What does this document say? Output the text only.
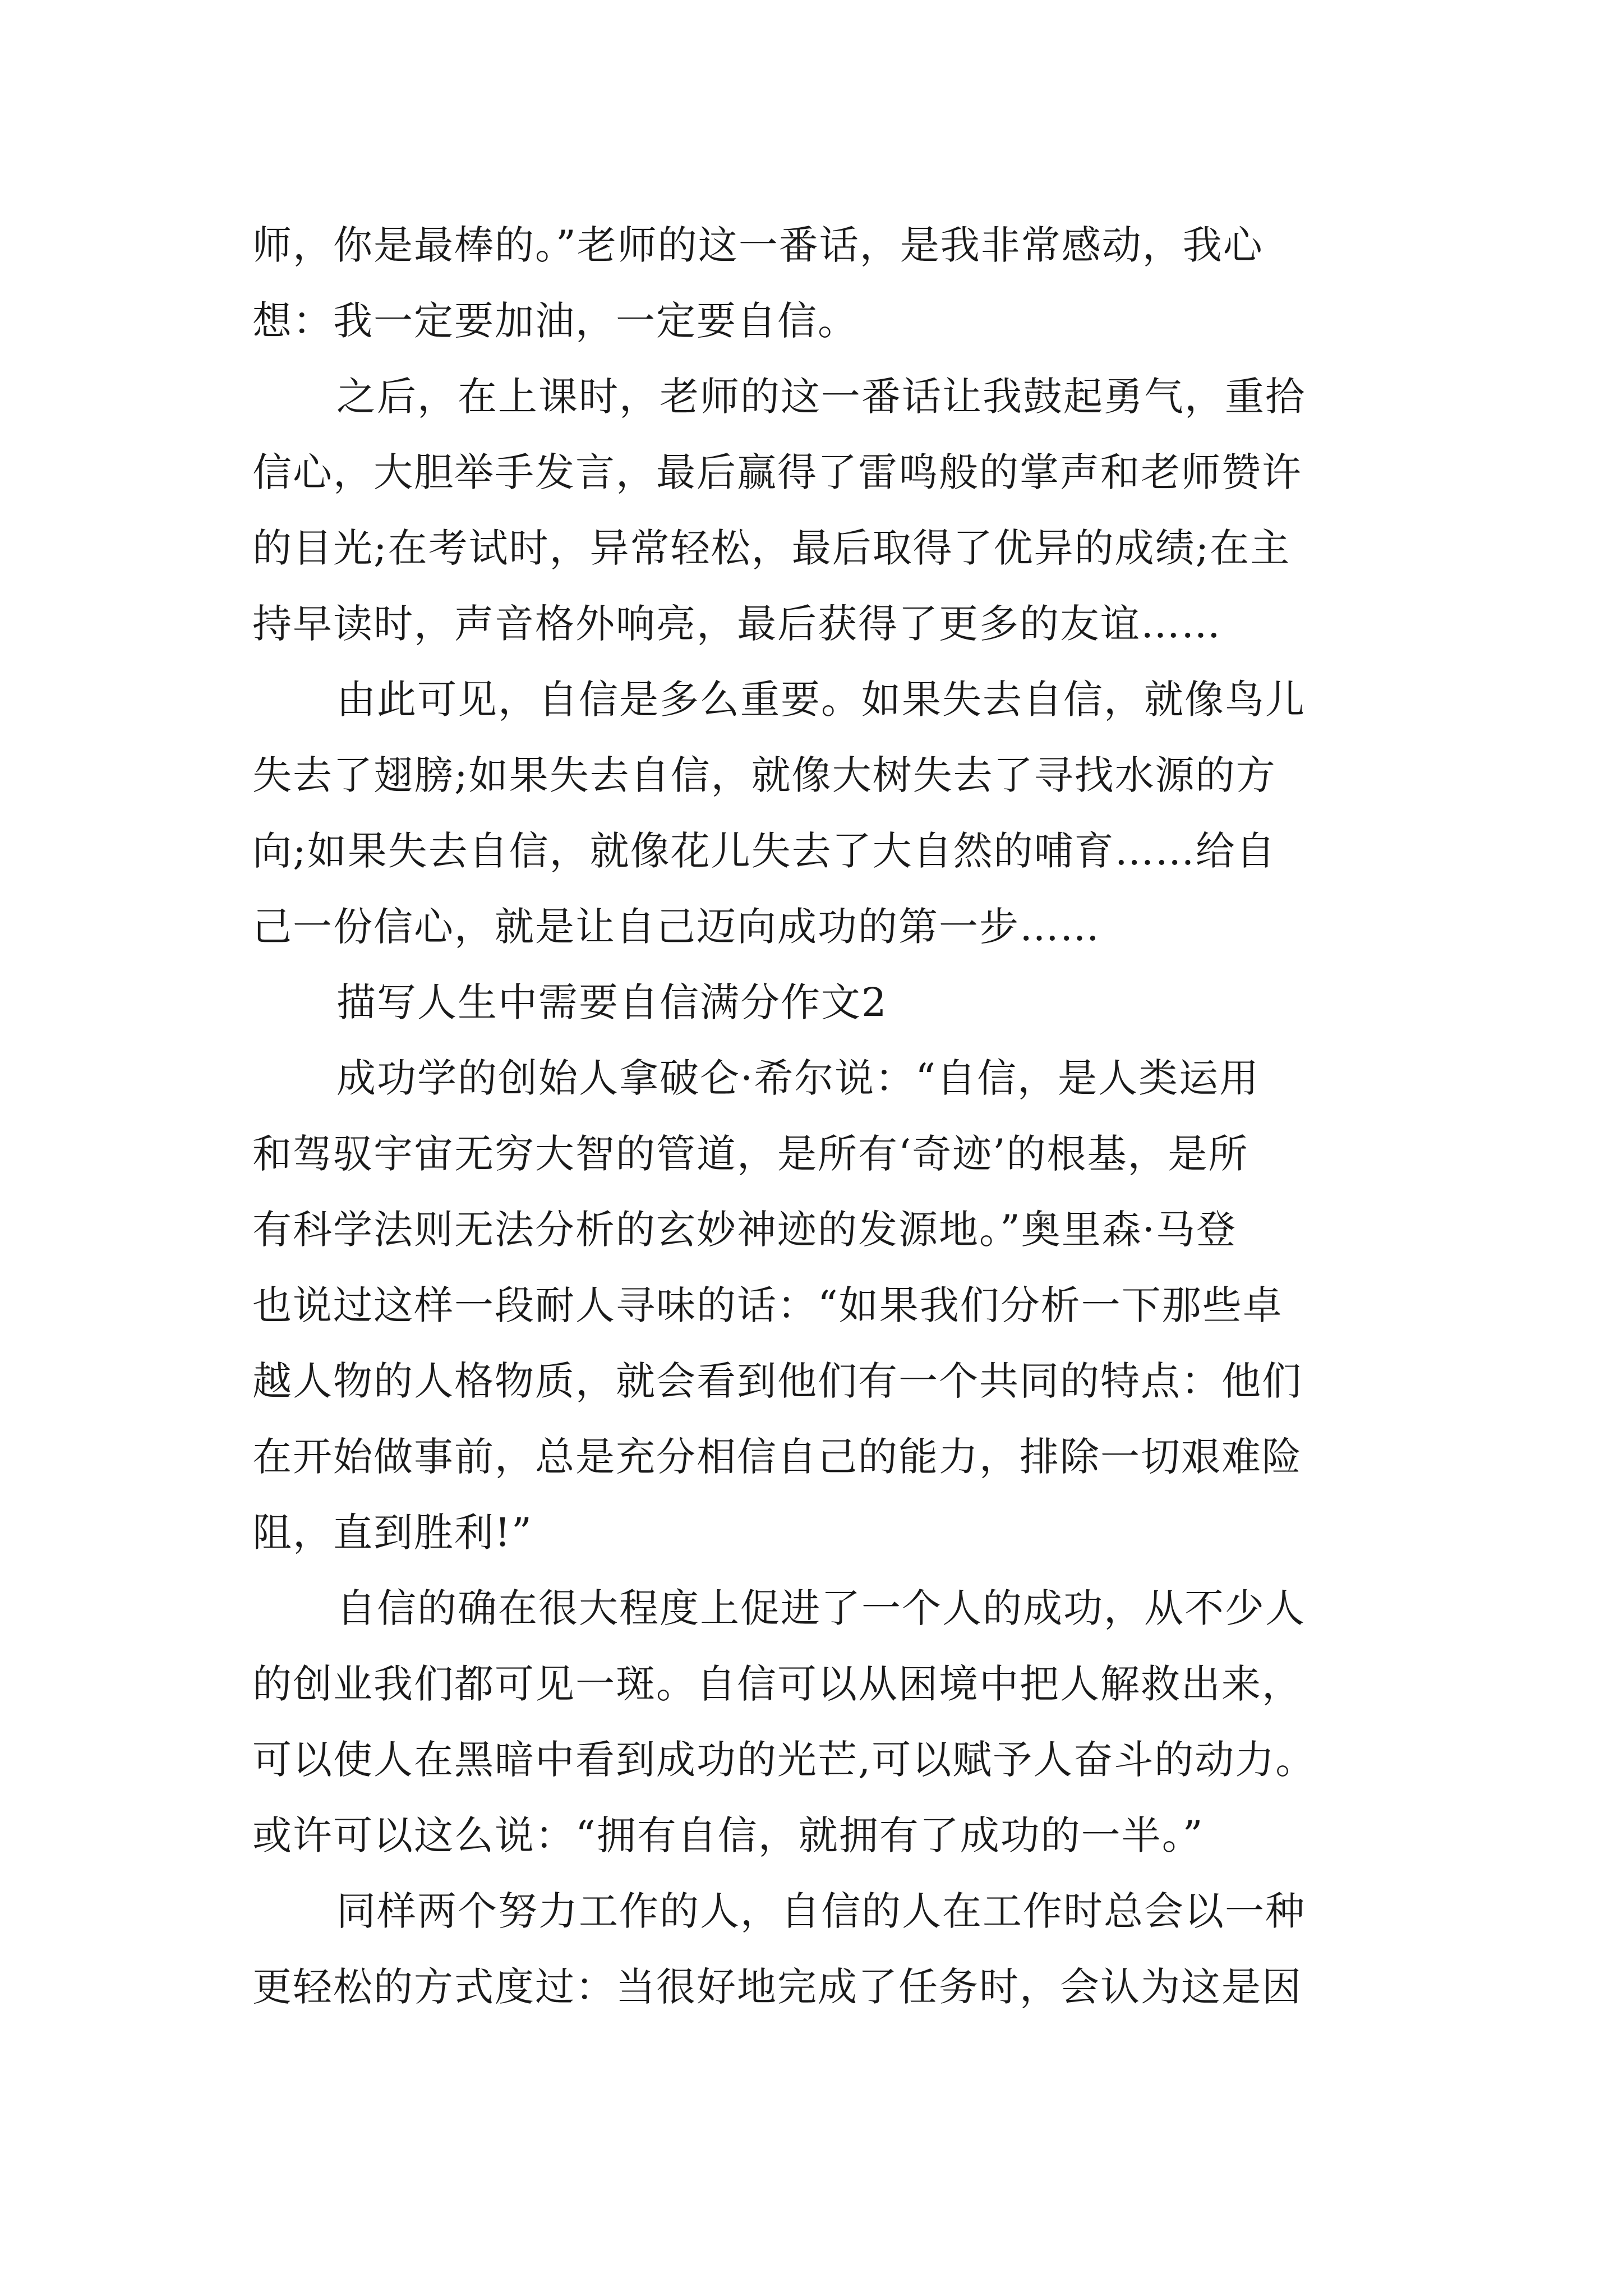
师，你是最棒的。”老师的这一番话，是我非常感动，我心
想：我一定要加油，一定要自信。
之后，在上课时，老师的这一番话让我鼓起勇气，重拾
信心，大胆举手发言，最后赢得了雷鸣般的掌声和老师赞许
的目光;在考试时，异常轻松，最后取得了优异的成绩;在主
持早读时，声音格外响亮，最后获得了更多的友谊……
由此可见，自信是多么重要。如果失去自信，就像鸟儿
失去了翅膀;如果失去自信，就像大树失去了寻找水源的方
向;如果失去自信，就像花儿失去了大自然的哺育……给自
己一份信心，就是让自己迈向成功的第一步……
描写人生中需要自信满分作文2
成功学的创始人拿破仑·希尔说：“自信，是人类运用
和驾驭宇宙无穷大智的管道，是所有‘奇迹’的根基，是所
有科学法则无法分析的玄妙神迹的发源地。”奥里森·马登
也说过这样一段耐人寻味的话：“如果我们分析一下那些卓
越人物的人格物质，就会看到他们有一个共同的特点：他们
在开始做事前，总是充分相信自己的能力，排除一切艰难险
阻，直到胜利!”
自信的确在很大程度上促进了一个人的成功，从不少人
的创业我们都可见一斑。自信可以从困境中把人解救出来，
可以使人在黑暗中看到成功的光芒,可以赋予人奋斗的动力。
或许可以这么说：“拥有自信，就拥有了成功的一半。”
同样两个努力工作的人，自信的人在工作时总会以一种
更轻松的方式度过：当很好地完成了任务时，会认为这是因
